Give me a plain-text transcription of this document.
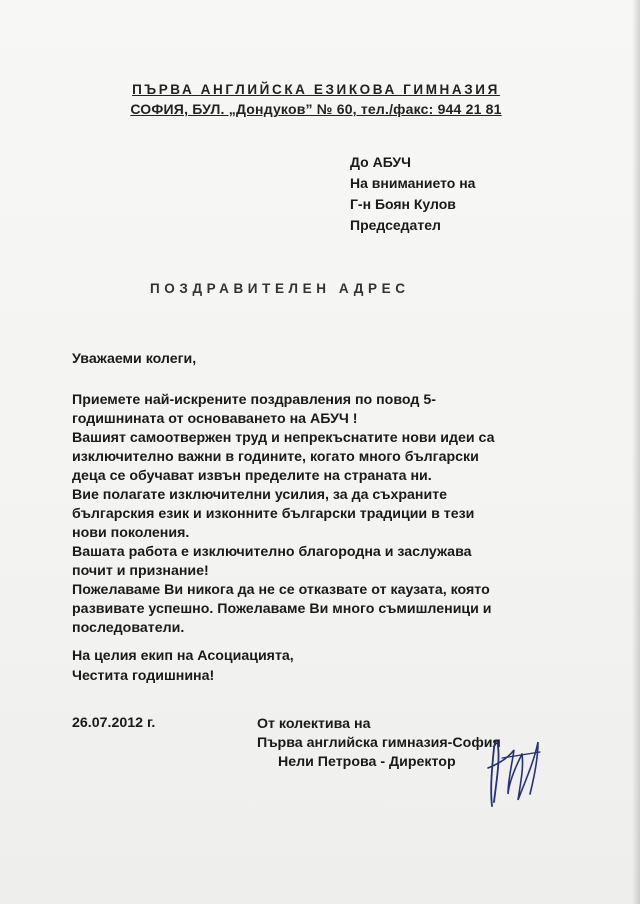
ПЪРВА АНГЛИЙСКА ЕЗИКОВА ГИМНАЗИЯ
СОФИЯ, БУЛ. „Дондуков” № 60, тел./факс: 944 21 81
До АБУЧ
На вниманието на
Г-н Боян Кулов
Председател
ПОЗДРАВИТЕЛЕН АДРЕС
Уважаеми колеги,
Приемете най-искрените поздравления по повод 5-
годишнината от основаването на АБУЧ !
Вашият самоотвержен труд и непрекъснатите нови идеи са
изключително важни в годините, когато много български
деца се обучават извън пределите на страната ни.
Вие полагате изключителни усилия, за да съхраните
българския език и изконните български традиции в тези
нови поколения.
Вашата работа е изключително благородна и заслужава
почит и признание!
Пожелаваме Ви никога да не се отказвате от каузата, която
развивате успешно. Пожелаваме Ви много съмишленици и
последователи.
На целия екип на Асоциацията,
Честита годишнина!
26.07.2012 г.	От колектива на
Първа английска гимназия-София
Нели Петрова - Директор
